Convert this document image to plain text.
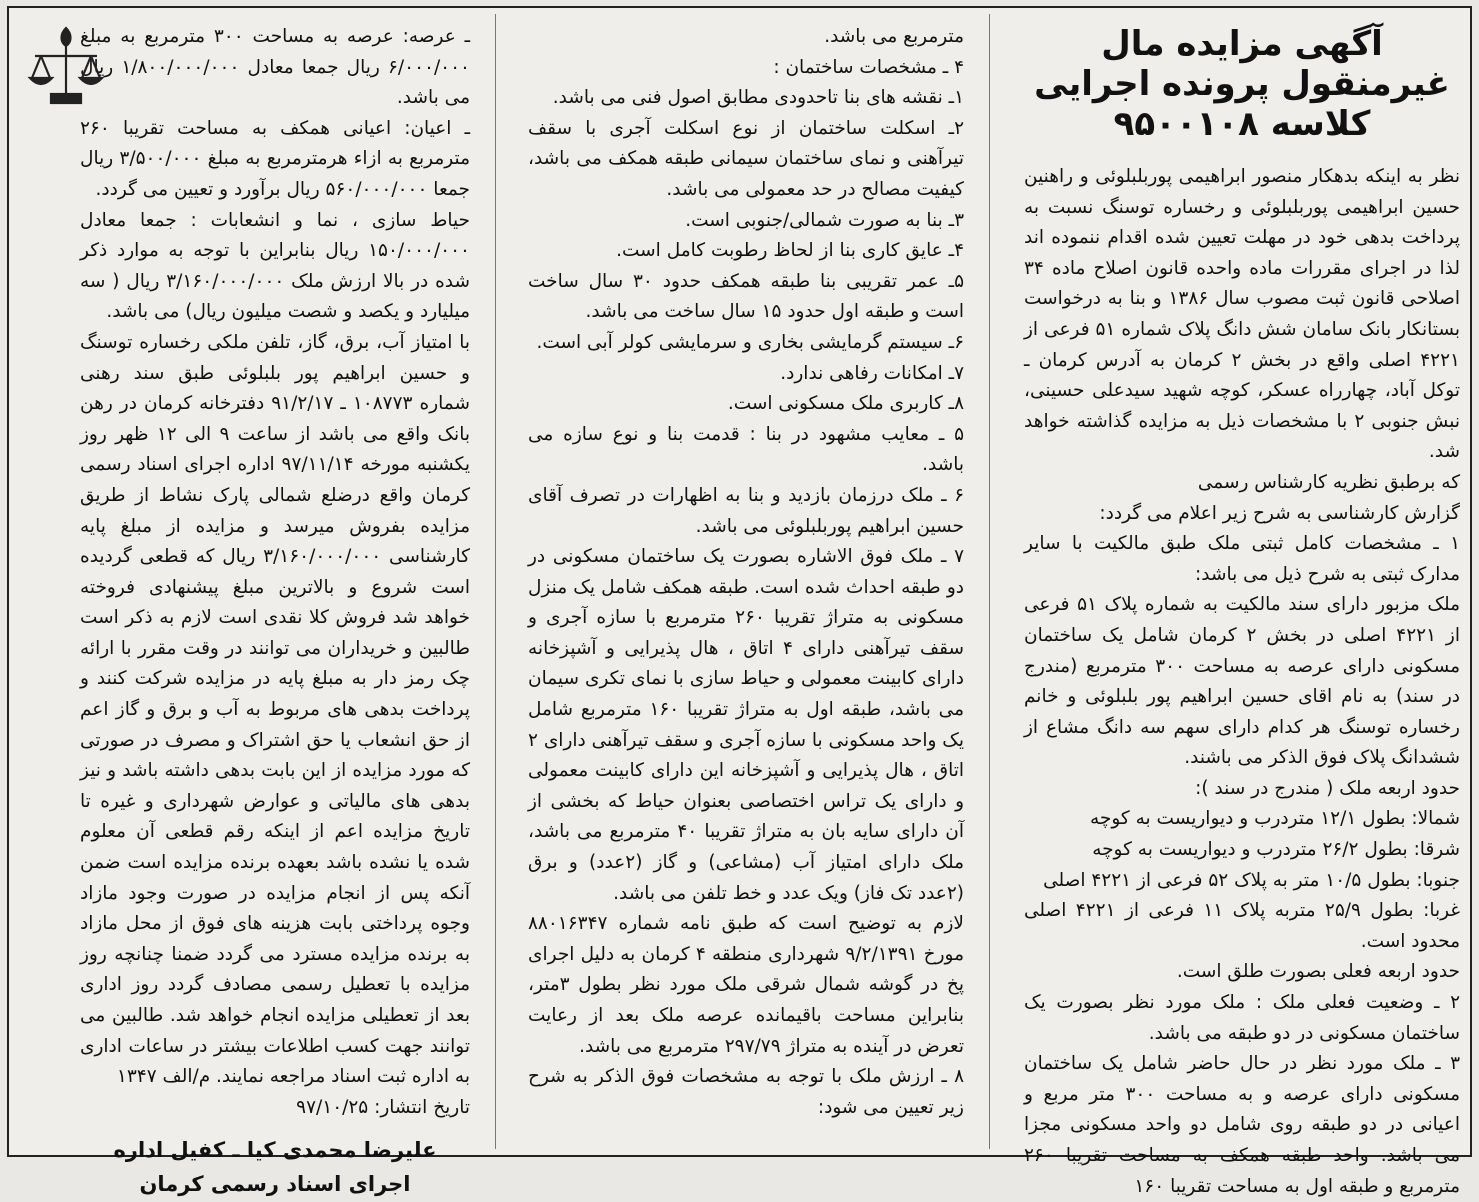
آگهی مزایده مال غیرمنقول پرونده اجرایی
کلاسه ۹۵۰۰۱۰۸

نظر به اینکه بدهکار منصور ابراهیمی پوربلبلوئی و راهنین حسین ابراهیمی پوربلبلوئی و رخساره توسنگ نسبت به پرداخت بدهی خود در مهلت تعیین شده اقدام ننموده اند لذا در اجرای مقررات ماده واحده قانون اصلاح ماده ۳۴ اصلاحی قانون ثبت مصوب سال ۱۳۸۶ و بنا به درخواست بستانکار بانک سامان شش دانگ پلاک شماره ۵۱ فرعی از ۴۲۲۱ اصلی واقع در بخش ۲ کرمان به آدرس کرمان ـ توکل آباد، چهارراه عسکر، کوچه شهید سیدعلی حسینی، نبش جنوبی ۲ با مشخصات ذیل به مزایده گذاشته خواهد شد.

که برطبق نظریه کارشناس رسمی

گزارش کارشناسی به شرح زیر اعلام می گردد:

۱ ـ مشخصات کامل ثبتی ملک طبق مالکیت با سایر مدارک ثبتی به شرح ذیل می باشد:

ملک مزبور دارای سند مالکیت به شماره پلاک ۵۱ فرعی از ۴۲۲۱ اصلی در بخش ۲ کرمان شامل یک ساختمان مسکونی دارای عرصه به مساحت ۳۰۰ مترمربع (مندرج در سند) به نام اقای حسین ابراهیم پور بلبلوئی و خانم رخساره توسنگ هر کدام دارای سهم سه دانگ مشاع از ششدانگ پلاک فوق الذکر می باشند.

حدود اربعه ملک ( مندرج در سند ):

شمالا: بطول ۱۲/۱ متردرب و دیواریست به کوچه

شرقا: بطول ۲۶/۲ متردرب و دیواریست به کوچه

جنوبا: بطول ۱۰/۵ متر به پلاک ۵۲ فرعی از ۴۲۲۱ اصلی

غربا: بطول ۲۵/۹ متربه پلاک ۱۱ فرعی از ۴۲۲۱ اصلی محدود است.

حدود اربعه فعلی بصورت طلق است.

۲ ـ وضعیت فعلی ملک : ملک مورد نظر بصورت یک ساختمان مسکونی در دو طبقه می باشد.

۳ ـ ملک مورد نظر در حال حاضر شامل یک ساختمان مسکونی دارای عرصه و به مساحت ۳۰۰ متر مربع و اعیانی در دو طبقه روی شامل دو واحد مسکونی مجزا می باشد. واحد طبقه همکف به مساحت تقریبا ۲۶۰ مترمربع و طبقه اول به مساحت تقریبا ۱۶۰

مترمربع می باشد.

۴ ـ مشخصات ساختمان :

۱ـ نقشه های بنا تاحدودی مطابق اصول فنی می باشد.

۲ـ اسکلت ساختمان از نوع اسکلت آجری با سقف تیرآهنی و نمای ساختمان سیمانی طبقه همکف می باشد، کیفیت مصالح در حد معمولی می باشد.

۳ـ بنا به صورت شمالی/جنوبی است.

۴ـ عایق کاری بنا از لحاظ رطوبت کامل است.

۵ـ عمر تقریبی بنا طبقه همکف حدود ۳۰ سال ساخت است و طبقه اول حدود ۱۵ سال ساخت می باشد.

۶ـ سیستم گرمایشی بخاری و سرمایشی کولر آبی است.

۷ـ امکانات رفاهی ندارد.

۸ـ کاربری ملک مسکونی است.

۵ ـ معایب مشهود در بنا : قدمت بنا و نوع سازه می باشد.

۶ ـ ملک درزمان بازدید و بنا به اظهارات در تصرف آقای حسین ابراهیم پوربلبلوئی می باشد.

۷ ـ ملک فوق الاشاره بصورت یک ساختمان مسکونی در دو طبقه احداث شده است. طبقه همکف شامل یک منزل مسکونی به متراژ تقریبا ۲۶۰ مترمربع با سازه آجری و سقف تیرآهنی دارای ۴ اتاق ، هال پذیرایی و آشپزخانه دارای کابینت معمولی و حیاط سازی با نمای تکری سیمان می باشد، طبقه اول به متراژ تقریبا ۱۶۰ مترمربع شامل یک واحد مسکونی با سازه آجری و سقف تیرآهنی دارای ۲ اتاق ، هال پذیرایی و آشپزخانه این دارای کابینت معمولی و دارای یک تراس اختصاصی بعنوان حیاط که بخشی از آن دارای سایه بان به متراژ تقریبا ۴۰ مترمربع می باشد، ملک دارای امتیاز آب (مشاعی) و گاز (۲عدد) و برق (۲عدد تک فاز) ویک عدد و خط تلفن می باشد.

لازم به توضیح است که طبق نامه شماره ۸۸۰۱۶۳۴۷ مورخ ۹/۲/۱۳۹۱ شهرداری منطقه ۴ کرمان به دلیل اجرای پخ در گوشه شمال شرقی ملک مورد نظر بطول ۳متر، بنابراین مساحت باقیمانده عرصه ملک بعد از رعایت تعرض در آینده به متراژ ۲۹۷/۷۹ مترمربع می باشد.

۸ ـ ارزش ملک با توجه به مشخصات فوق الذکر به شرح زیر تعیین می شود:

ـ عرصه: عرصه به مساحت ۳۰۰ مترمربع به مبلغ ۶/۰۰۰/۰۰۰ ریال جمعا معادل ۱/۸۰۰/۰۰۰/۰۰۰ ریال می باشد.

ـ اعیان: اعیانی همکف به مساحت تقریبا ۲۶۰ مترمربع به ازاء هرمترمربع به مبلغ ۳/۵۰۰/۰۰۰ ریال جمعا ۵۶۰/۰۰۰/۰۰۰ ریال برآورد و تعیین می گردد.

حیاط سازی ، نما و انشعابات : جمعا معادل ۱۵۰/۰۰۰/۰۰۰ ریال بنابراین با توجه به موارد ذکر شده در بالا ارزش ملک ۳/۱۶۰/۰۰۰/۰۰۰ ریال ( سه میلیارد و یکصد و شصت میلیون ریال) می باشد.

با امتیاز آب، برق، گاز، تلفن ملکی رخساره توسنگ و حسین ابراهیم پور بلبلوئی طبق سند رهنی شماره ۱۰۸۷۷۳ ـ ۹۱/۲/۱۷ دفترخانه کرمان در رهن بانک واقع می باشد از ساعت ۹ الی ۱۲ ظهر روز یکشنبه مورخه ۹۷/۱۱/۱۴ اداره اجرای اسناد رسمی کرمان واقع درضلع شمالی پارک نشاط از طریق مزایده بفروش میرسد و مزایده از مبلغ پایه کارشناسی ۳/۱۶۰/۰۰۰/۰۰۰ ریال که قطعی گردیده است شروع و بالاترین مبلغ پیشنهادی فروخته خواهد شد فروش کلا نقدی است لازم به ذکر است طالبین و خریداران می توانند در وقت مقرر با ارائه چک رمز دار به مبلغ پایه در مزایده شرکت کنند و پرداخت بدهی های مربوط به آب و برق و گاز اعم از حق انشعاب یا حق اشتراک و مصرف در صورتی که مورد مزایده از این بابت بدهی داشته باشد و نیز بدهی های مالیاتی و عوارض شهرداری و غیره تا تاریخ مزایده اعم از اینکه رقم قطعی آن معلوم شده یا نشده باشد بعهده برنده مزایده است ضمن آنکه پس از انجام مزایده در صورت وجود مازاد وجوه پرداختی بابت هزینه های فوق از محل مازاد به برنده مزایده مسترد می گردد ضمنا چنانچه روز مزایده با تعطیل رسمی مصادف گردد روز اداری بعد از تعطیلی مزایده انجام خواهد شد. طالبین می توانند جهت کسب اطلاعات بیشتر در ساعات اداری به اداره ثبت اسناد مراجعه نمایند. م/الف ۱۳۴۷

تاریخ انتشار: ۹۷/۱۰/۲۵

علیرضا محمدی کیا ـ کفیل اداره اجرای اسناد رسمی کرمان
